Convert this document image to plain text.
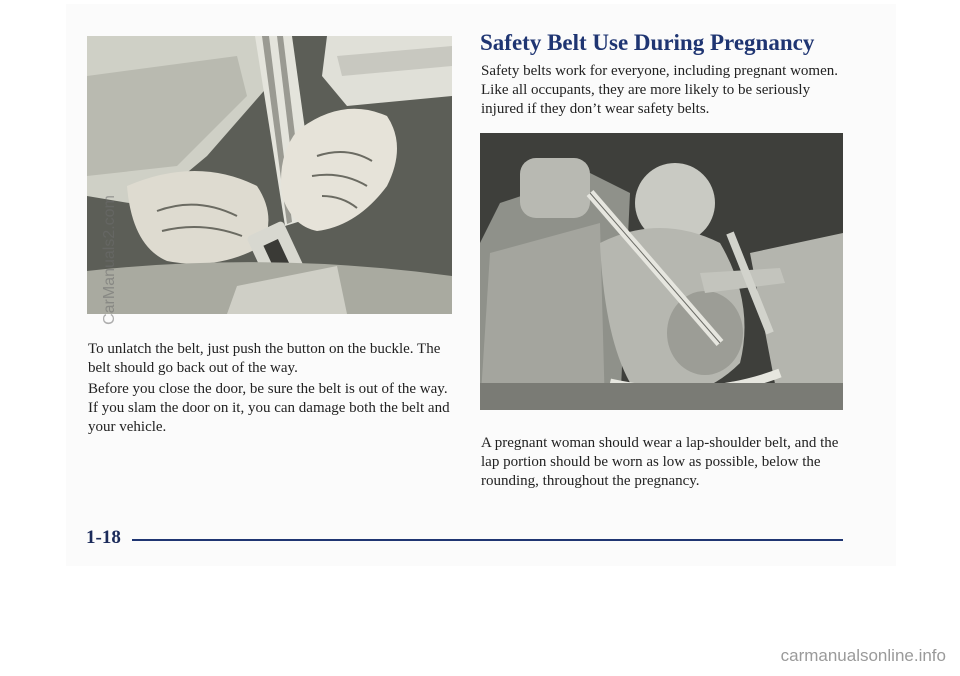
Safety Belt Use During Pregnancy

Safety belts work for everyone, including pregnant women. Like all occupants, they are more likely to be seriously injured if they don’t wear safety belts.

A pregnant woman should wear a lap-shoulder belt, and the lap portion should be worn as low as possible, below the rounding, throughout the pregnancy.

To unlatch the belt, just push the button on the buckle. The belt should go back out of the way.

Before you close the door, be sure the belt is out of the way. If you slam the door on it, you can damage both the belt and your vehicle.

1-18
CarManuals2.com
carmanualsonline.info
